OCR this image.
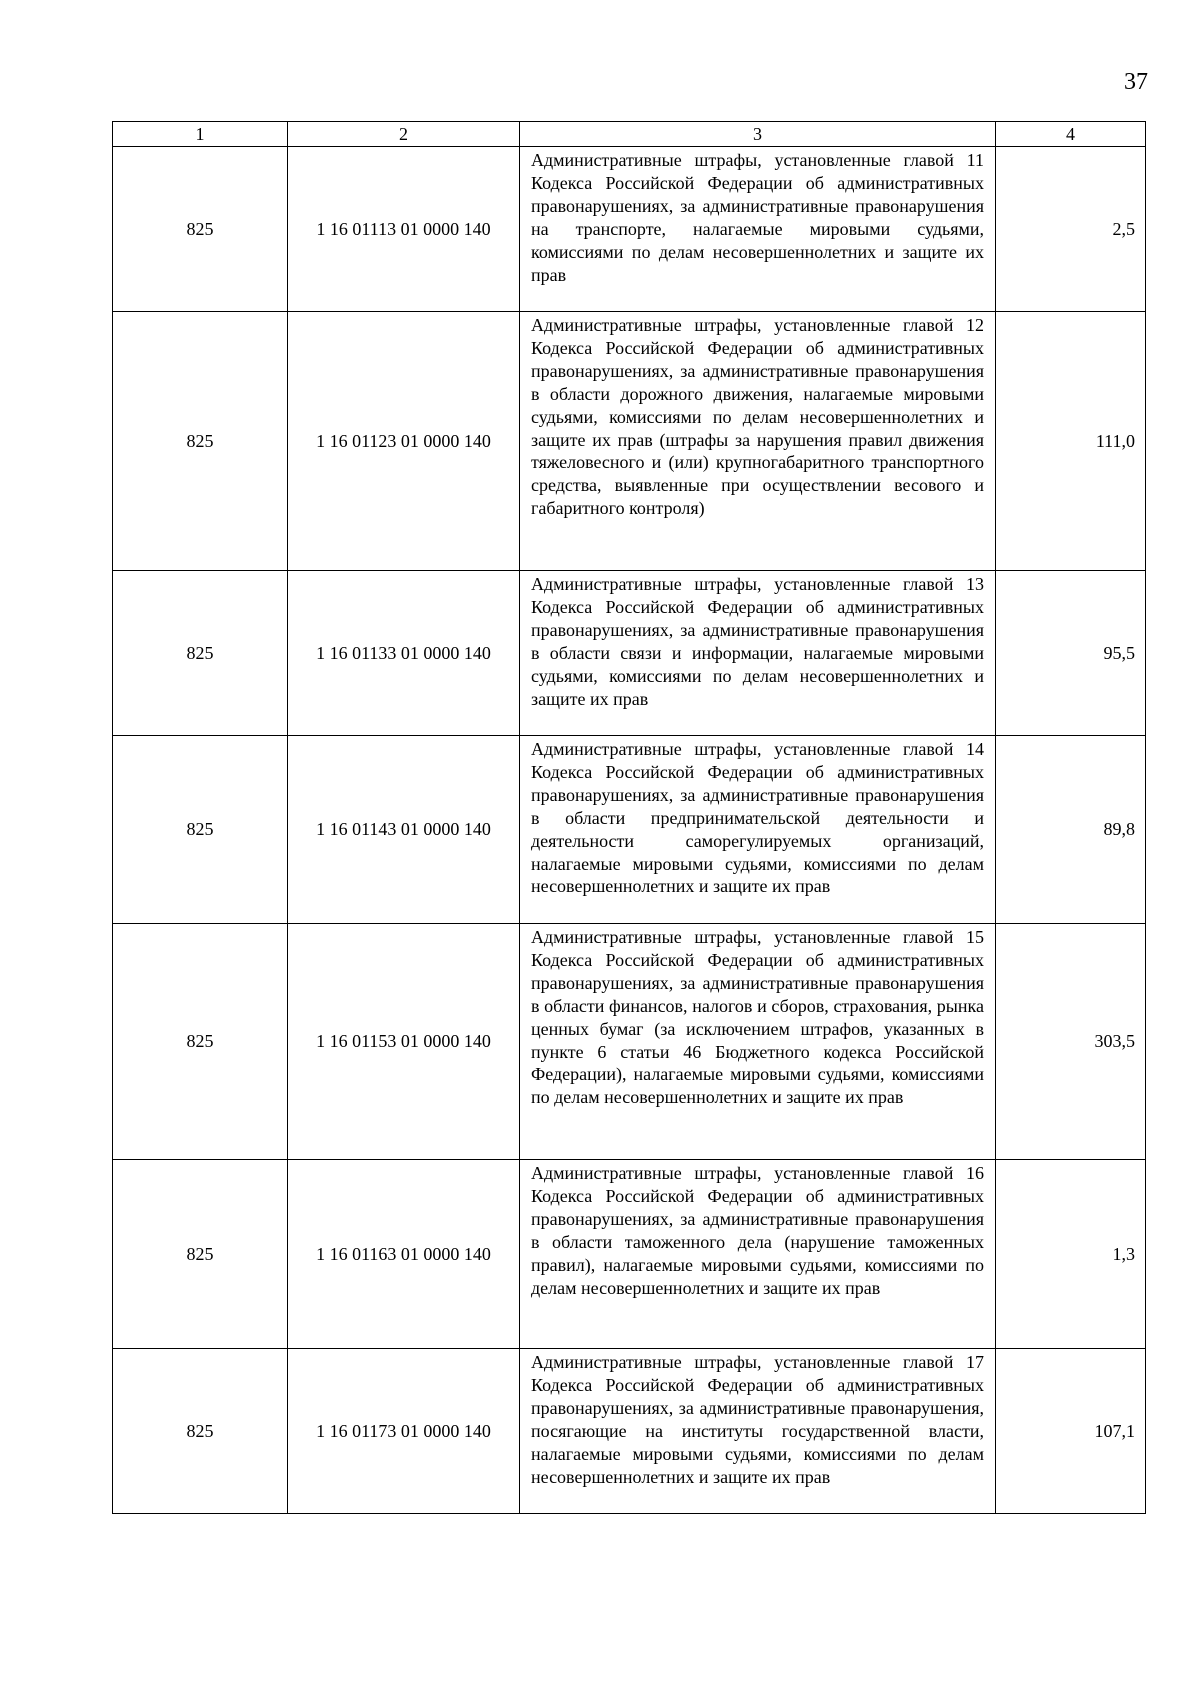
37
1	2	3	4
825	1 16 01113 01 0000 140	Административные штрафы, установленные главой 11 Кодекса Российской Федерации об административных правонарушениях, за административные правонарушения на транспорте, налагаемые мировыми судьями, комиссиями по делам несовершеннолетних и защите их прав	2,5
825	1 16 01123 01 0000 140	Административные штрафы, установленные главой 12 Кодекса Российской Федерации об административных правонарушениях, за административные правонарушения в области дорожного движения, налагаемые мировыми судьями, комиссиями по делам несовершеннолетних и защите их прав (штрафы за нарушения правил движения тяжеловесного и (или) крупногабаритного транспортного средства, выявленные при осуществлении весового и габаритного контроля)	111,0
825	1 16 01133 01 0000 140	Административные штрафы, установленные главой 13 Кодекса Российской Федерации об административных правонарушениях, за административные правонарушения в области связи и информации, налагаемые мировыми судьями, комиссиями по делам несовершеннолетних и защите их прав	95,5
825	1 16 01143 01 0000 140	Административные штрафы, установленные главой 14 Кодекса Российской Федерации об административных правонарушениях, за административные правонарушения в области предпринимательской деятельности и деятельности саморегулируемых организаций, налагаемые мировыми судьями, комиссиями по делам несовершеннолетних и защите их прав	89,8
825	1 16 01153 01 0000 140	Административные штрафы, установленные главой 15 Кодекса Российской Федерации об административных правонарушениях, за административные правонарушения в области финансов, налогов и сборов, страхования, рынка ценных бумаг (за исключением штрафов, указанных в пункте 6 статьи 46 Бюджетного кодекса Российской Федерации), налагаемые мировыми судьями, комиссиями по делам несовершеннолетних и защите их прав	303,5
825	1 16 01163 01 0000 140	Административные штрафы, установленные главой 16 Кодекса Российской Федерации об административных правонарушениях, за административные правонарушения в области таможенного дела (нарушение таможенных правил), налагаемые мировыми судьями, комиссиями по делам несовершеннолетних и защите их прав	1,3
825	1 16 01173 01 0000 140	Административные штрафы, установленные главой 17 Кодекса Российской Федерации об административных правонарушениях, за административные правонарушения, посягающие на институты государственной власти, налагаемые мировыми судьями, комиссиями по делам несовершеннолетних и защите их прав	107,1
